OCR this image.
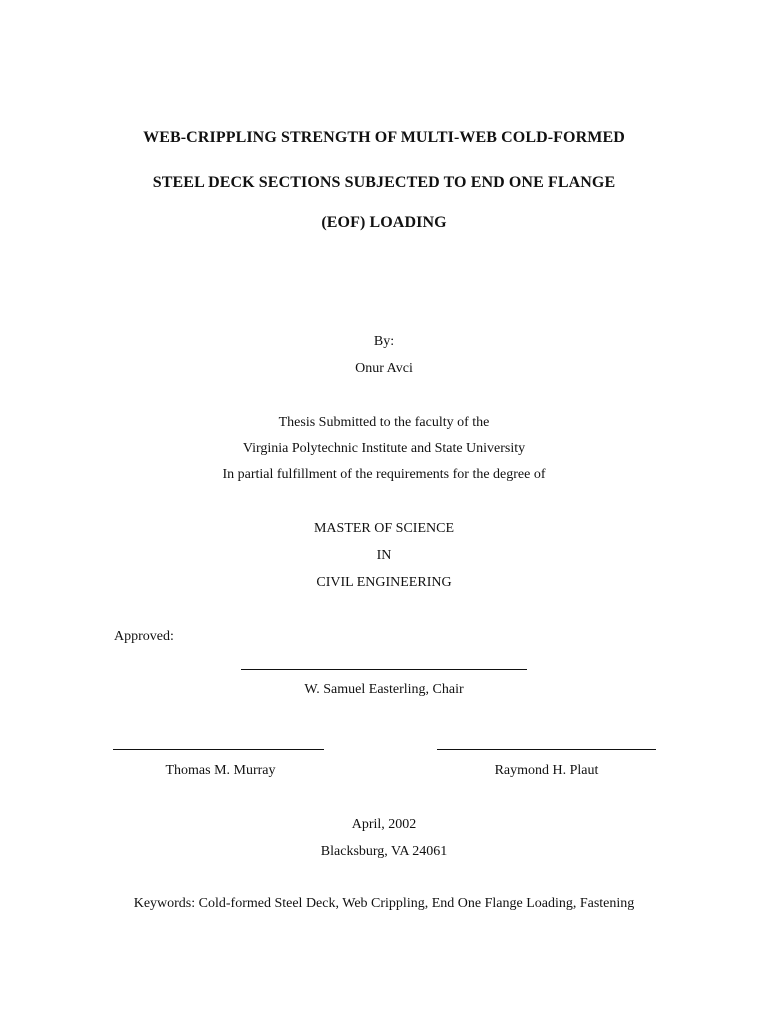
WEB-CRIPPLING STRENGTH OF MULTI-WEB COLD-FORMED
STEEL DECK SECTIONS SUBJECTED TO END ONE FLANGE
(EOF) LOADING
By:
Onur Avci
Thesis Submitted to the faculty of the
Virginia Polytechnic Institute and State University
In partial fulfillment of the requirements for the degree of
MASTER OF SCIENCE
IN
CIVIL ENGINEERING
Approved:
W. Samuel Easterling, Chair
Thomas M. Murray	Raymond H. Plaut
April, 2002
Blacksburg, VA 24061
Keywords: Cold-formed Steel Deck, Web Crippling, End One Flange Loading, Fastening
